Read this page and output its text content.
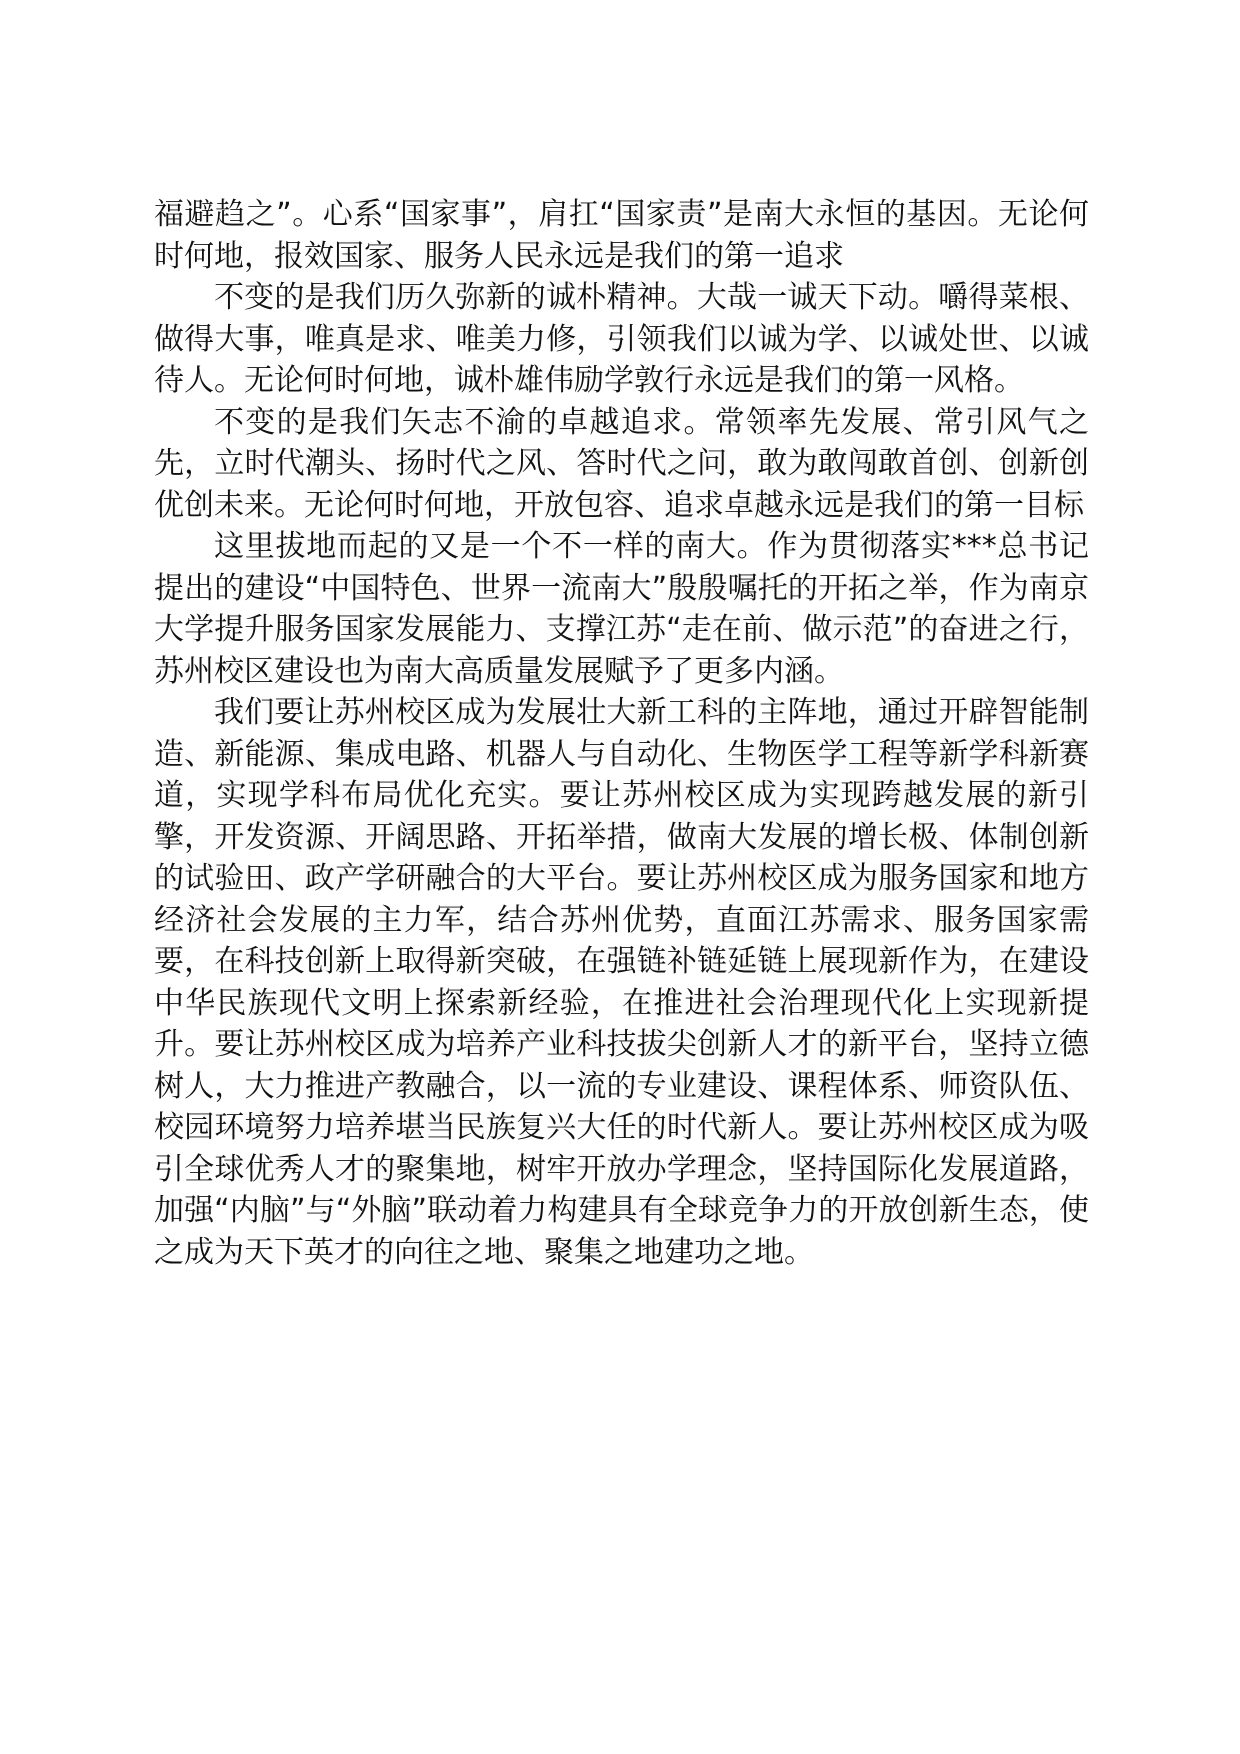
福避趋之”。心系“国家事”，肩扛“国家责”是南大永恒的基因。无论何时何地，报效国家、服务人民永远是我们的第一追求

不变的是我们历久弥新的诚朴精神。大哉一诚天下动。嚼得菜根、做得大事，唯真是求、唯美力修，引领我们以诚为学、以诚处世、以诚待人。无论何时何地，诚朴雄伟励学敦行永远是我们的第一风格。

不变的是我们矢志不渝的卓越追求。常领率先发展、常引风气之先，立时代潮头、扬时代之风、答时代之问，敢为敢闯敢首创、创新创优创未来。无论何时何地，开放包容、追求卓越永远是我们的第一目标

这里拔地而起的又是一个不一样的南大。作为贯彻落实***总书记提出的建设“中国特色、世界一流南大”殷殷嘱托的开拓之举，作为南京大学提升服务国家发展能力、支撑江苏“走在前、做示范”的奋进之行，苏州校区建设也为南大高质量发展赋予了更多内涵。

我们要让苏州校区成为发展壮大新工科的主阵地，通过开辟智能制造、新能源、集成电路、机器人与自动化、生物医学工程等新学科新赛道，实现学科布局优化充实。要让苏州校区成为实现跨越发展的新引擎，开发资源、开阔思路、开拓举措，做南大发展的增长极、体制创新的试验田、政产学研融合的大平台。要让苏州校区成为服务国家和地方经济社会发展的主力军，结合苏州优势，直面江苏需求、服务国家需要，在科技创新上取得新突破，在强链补链延链上展现新作为，在建设中华民族现代文明上探索新经验，在推进社会治理现代化上实现新提升。要让苏州校区成为培养产业科技拔尖创新人才的新平台，坚持立德树人，大力推进产教融合，以一流的专业建设、课程体系、师资队伍、校园环境努力培养堪当民族复兴大任的时代新人。要让苏州校区成为吸引全球优秀人才的聚集地，树牢开放办学理念，坚持国际化发展道路，加强“内脑”与“外脑”联动着力构建具有全球竞争力的开放创新生态，使之成为天下英才的向往之地、聚集之地建功之地。
